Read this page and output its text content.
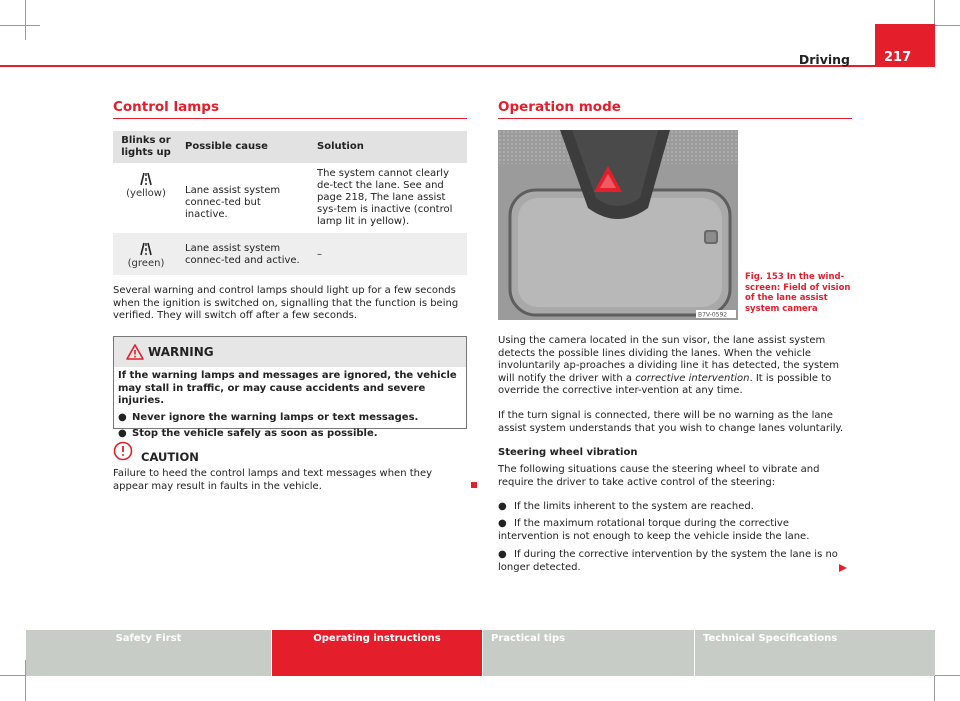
Driving	217
Control lamps
Blinks or lights up	Possible cause	Solution

(yellow)	Lane assist system connec-ted but inactive.	The system cannot clearly de-tect the lane. See and page 218, The lane assist sys-tem is inactive (control lamp lit in yellow).

(green)	Lane assist system connec-ted and active.	–
Several warning and control lamps should light up for a few seconds when the ignition is switched on, signalling that the function is being verified. They will switch off after a few seconds.
WARNING
If the warning lamps and messages are ignored, the vehicle may stall in traffic, or may cause accidents and severe injuries.
● Never ignore the warning lamps or text messages.
● Stop the vehicle safely as soon as possible.
CAUTION
Failure to heed the control lamps and text messages when they appear may result in faults in the vehicle.
Operation mode
B7V-0592
Fig. 153 In the wind-screen: Field of vision of the lane assist system camera
Using the camera located in the sun visor, the lane assist system detects the possible lines dividing the lanes. When the vehicle involuntarily ap-proaches a dividing line it has detected, the system will notify the driver with a corrective intervention. It is possible to override the corrective inter-vention at any time.
If the turn signal is connected, there will be no warning as the lane assist system understands that you wish to change lanes voluntarily.
Steering wheel vibration
The following situations cause the steering wheel to vibrate and require the driver to take active control of the steering:
● If the limits inherent to the system are reached.
● If the maximum rotational torque during the corrective intervention is not enough to keep the vehicle inside the lane.
● If during the corrective intervention by the system the lane is no longer detected.
Safety First	Operating instructions	Practical tips	Technical Specifications
